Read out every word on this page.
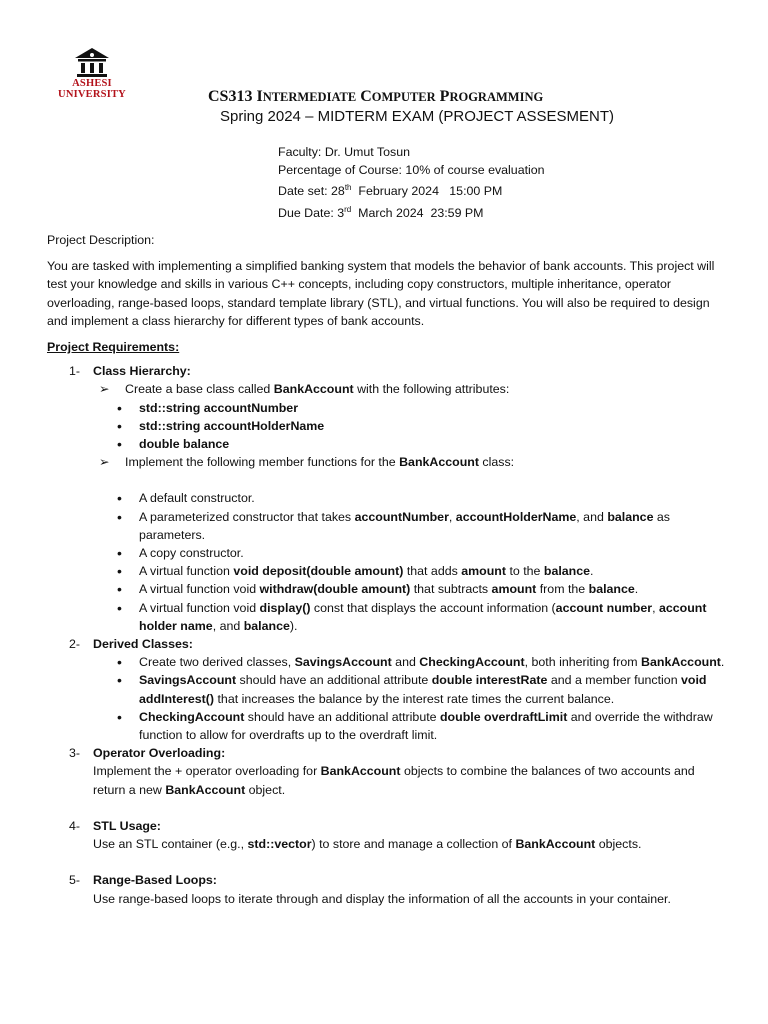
ASHESI
UNIVERSITY	CS313 INTERMEDIATE COMPUTER PROGRAMMING
Spring 2024 – MIDTERM EXAM (PROJECT ASSESMENT)
Faculty: Dr. Umut Tosun
Percentage of Course: 10% of course evaluation
Date set: 28th  February 2024   15:00 PM
Due Date: 3rd  March 2024  23:59 PM

Project Description:

You are tasked with implementing a simplified banking system that models the behavior of bank accounts. This project will test your knowledge and skills in various C++ concepts, including copy constructors, multiple inheritance, operator overloading, range-based loops, standard template library (STL), and virtual functions. You will also be required to design and implement a class hierarchy for different types of bank accounts.

Project Requirements:

1- Class Hierarchy:
➢ Create a base class called BankAccount with the following attributes:
• std::string accountNumber
• std::string accountHolderName
• double balance
➢ Implement the following member functions for the BankAccount class:
• A default constructor.
• A parameterized constructor that takes accountNumber, accountHolderName, and balance as parameters.
• A copy constructor.
• A virtual function void deposit(double amount) that adds amount to the balance.
• A virtual function void withdraw(double amount) that subtracts amount from the balance.
• A virtual function void display() const that displays the account information (account number, account holder name, and balance).
2- Derived Classes:
• Create two derived classes, SavingsAccount and CheckingAccount, both inheriting from BankAccount.
• SavingsAccount should have an additional attribute double interestRate and a member function void addInterest() that increases the balance by the interest rate times the current balance.
• CheckingAccount should have an additional attribute double overdraftLimit and override the withdraw function to allow for overdrafts up to the overdraft limit.
3- Operator Overloading:
Implement the + operator overloading for BankAccount objects to combine the balances of two accounts and return a new BankAccount object.
4- STL Usage:
Use an STL container (e.g., std::vector) to store and manage a collection of BankAccount objects.
5- Range-Based Loops:
Use range-based loops to iterate through and display the information of all the accounts in your container.
